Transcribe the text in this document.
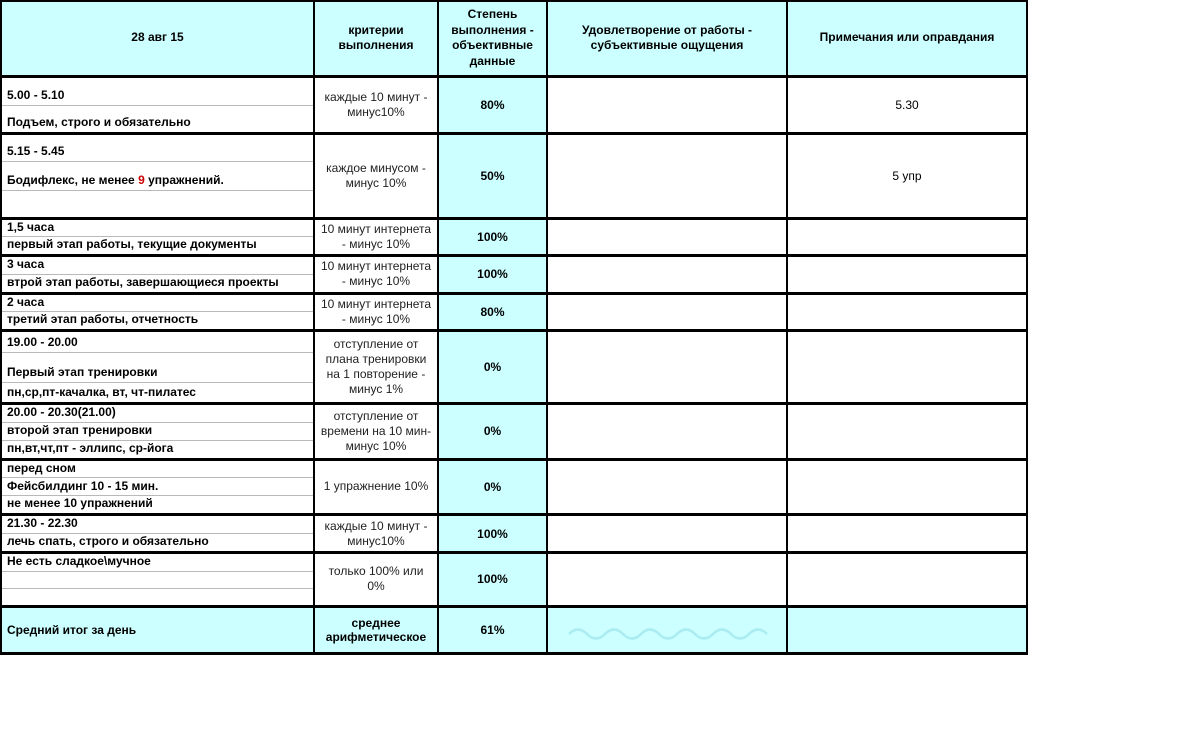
28 авг 15	критерии выполнения	Степень выполнения - объективные данные	Удовлетворение от работы - субъективные ощущения	Примечания или оправдания
5.00 - 5.10	каждые 10 минут - минус10%	80%		5.30
Подъем, строго и обязательно				
5.15 - 5.45	каждое минусом - минус 10%	50%		5 упр
Бодифлекс, не менее 9 упражнений.				

1,5 часа	10 минут интернета - минус 10%	100%		
первый этап работы, текущие документы				
3 часа	10 минут интернета - минус 10%	100%		
втрой этап работы, завершающиеся проекты				
2 часа	10 минут интернета - минус 10%	80%		
третий этап работы, отчетность				
19.00 - 20.00	отступление от плана тренировки на 1 повторение - минус 1%	0%		
Первый этап тренировки				
пн,ср,пт-качалка, вт, чт-пилатес				
20.00 - 20.30(21.00)	отступление от времени на 10 мин- минус 10%	0%		
второй этап тренировки				
пн,вт,чт,пт - эллипс, ср-йога				
перед сном	1 упражнение 10%	0%		
Фейсбилдинг 10 - 15 мин.				
не менее 10 упражнений				
21.30 - 22.30	каждые 10 минут - минус10%	100%		
лечь спать, строго и обязательно				
Не есть сладкое\мучное	только 100% или 0%	100%		

Средний итог за день	среднее арифметическое	61%	
